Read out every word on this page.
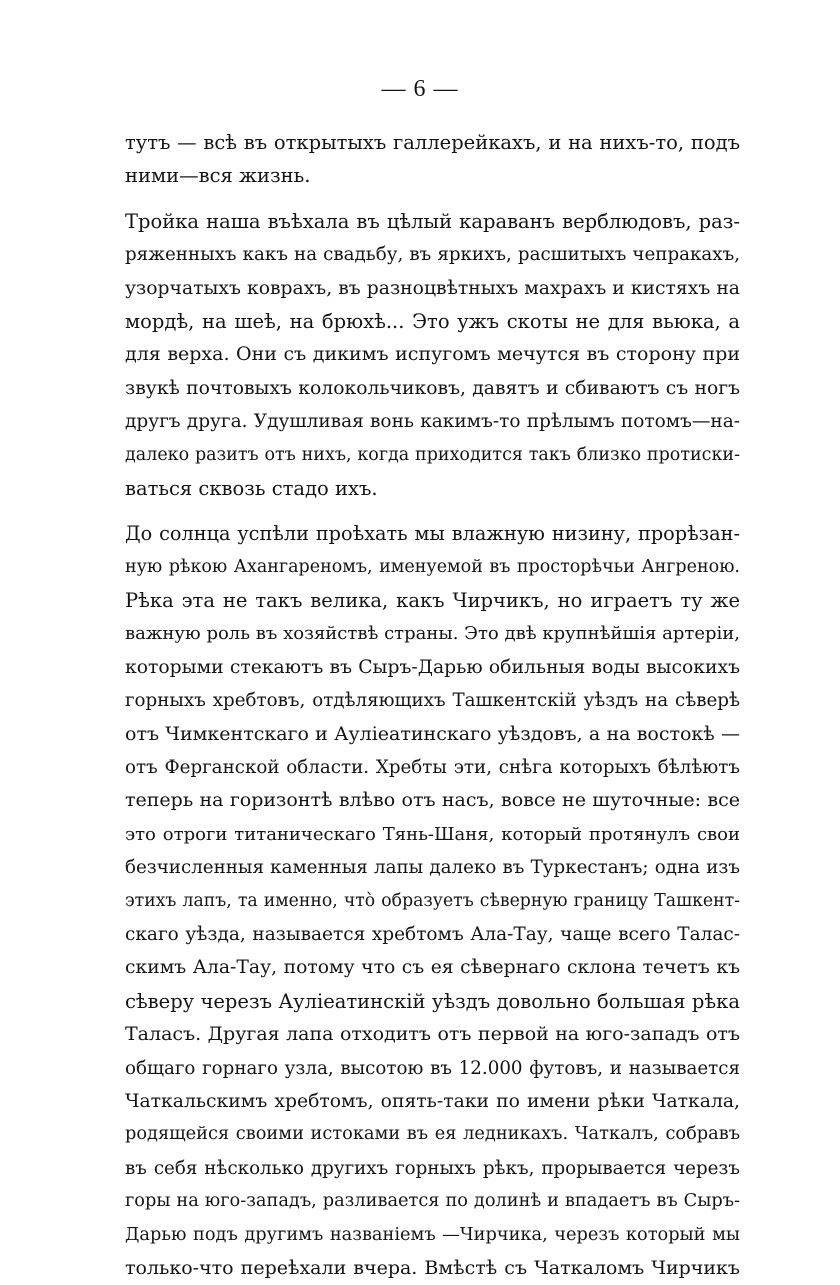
— 6 —
тутъ — всѣ въ открытыхъ галлерейкахъ, и на нихъ-то, подъ
ними—вся жизнь.
Тройка наша въѣхала въ цѣлый караванъ верблюдовъ, раз-
ряженныхъ какъ на свадьбу, въ яркихъ, расшитыхъ чепракахъ,
узорчатыхъ коврахъ, въ разноцвѣтныхъ махрахъ и кистяхъ на
мордѣ, на шеѣ, на брюхѣ... Это ужъ скоты не для вьюка, а
для верха. Они съ дикимъ испугомъ мечутся въ сторону при
звукѣ почтовыхъ колокольчиковъ, давятъ и сбиваютъ съ ногъ
другъ друга. Удушливая вонь какимъ-то прѣлымъ пoтомъ—на-
далеко разитъ отъ нихъ, когда приходится такъ близко протиски-
ваться сквозь стадо ихъ.
До солнца успѣли проѣхать мы влажную низину, прорѣзан-
ную рѣкою Ахангареномъ, именуемой въ просторѣчьи Ангреною.
Рѣка эта не такъ велика, какъ Чирчикъ, но играетъ ту же
важную роль въ хозяйствѣ страны. Это двѣ крупнѣйшія артеріи,
которыми стекаютъ въ Сыръ-Дарью обильныя воды высокихъ
горныхъ хребтовъ, отдѣляющихъ Ташкентскій уѣздъ на сѣверѣ
отъ Чимкентскаго и Ауліеатинскаго уѣздовъ, а на востокѣ —
отъ Ферганской области. Хребты эти, снѣга которыхъ бѣлѣютъ
теперь на горизонтѣ влѣво отъ насъ, вовсе не шуточные: все
это отроги титаническаго Тянь-Шаня, который протянулъ свои
безчисленныя каменныя лапы далеко въ Туркестанъ; одна изъ
этихъ лапъ, та именно, чтò образуетъ сѣверную границу Ташкент-
скаго уѣзда, называется хребтомъ Ала-Тау, чаще всего Талас-
скимъ Ала-Тау, потому что съ ея сѣвернаго склона течетъ къ
сѣверу черезъ Ауліеатинскій уѣздъ довольно большая рѣка
Таласъ. Другая лапа отходитъ отъ первой на юго-западъ отъ
общаго горнаго узла, высотою въ 12.000 футовъ, и называется
Чаткальскимъ хребтомъ, опять-таки по имени рѣки Чаткала,
родящейся своими истоками въ ея ледникахъ. Чаткалъ, собравъ
въ себя нѣсколько другихъ горныхъ рѣкъ, прорывается черезъ
горы на юго-западъ, разливается по долинѣ и впадаетъ въ Сыръ-
Дарью подъ другимъ названіемъ —Чирчика, черезъ который мы
только-что переѣхали вчера. Вмѣстѣ съ Чаткаломъ Чирчикъ
